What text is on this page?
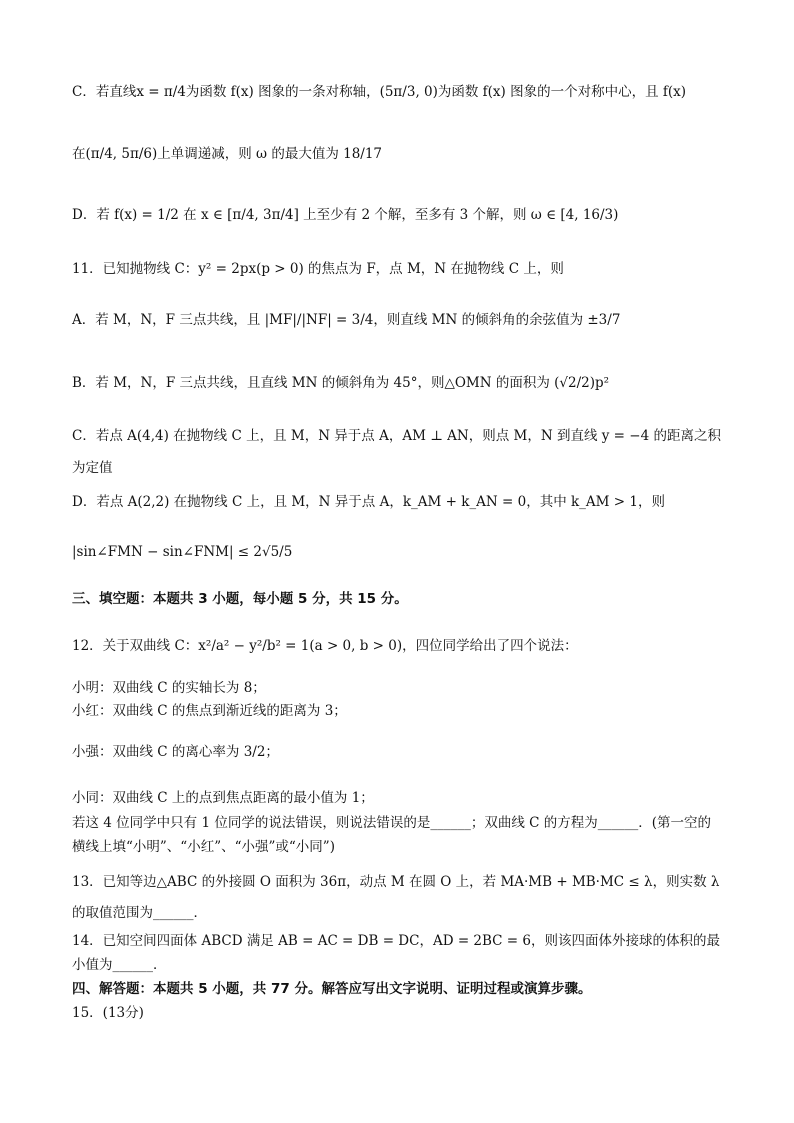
C．若直线x = π/4为函数 f(x) 图象的一条对称轴，(5π/3, 0)为函数 f(x) 图象的一个对称中心，且 f(x)
在(π/4, 5π/6)上单调递减，则 ω 的最大值为 18/17
D．若 f(x) = 1/2 在 x ∈ [π/4, 3π/4] 上至少有 2 个解，至多有 3 个解，则 ω ∈ [4, 16/3)
11．已知抛物线 C：y² = 2px(p > 0) 的焦点为 F，点 M，N 在抛物线 C 上，则
A．若 M，N，F 三点共线，且 |MF|/|NF| = 3/4，则直线 MN 的倾斜角的余弦值为 ±3/7
B．若 M，N，F 三点共线，且直线 MN 的倾斜角为 45°，则△OMN 的面积为 (√2/2)p²
C．若点 A(4,4) 在抛物线 C 上，且 M，N 异于点 A，AM ⊥ AN，则点 M，N 到直线 y = −4 的距离之积
为定值
D．若点 A(2,2) 在抛物线 C 上，且 M，N 异于点 A，k_AM + k_AN = 0，其中 k_AM > 1，则
|sin∠FMN − sin∠FNM| ≤ 2√5/5
三、填空题：本题共 3 小题，每小题 5 分，共 15 分。
12．关于双曲线 C：x²/a² − y²/b² = 1(a > 0, b > 0)，四位同学给出了四个说法：
小明：双曲线 C 的实轴长为 8；
小红：双曲线 C 的焦点到渐近线的距离为 3；
小强：双曲线 C 的离心率为 3/2；
小同：双曲线 C 上的点到焦点距离的最小值为 1；
若这 4 位同学中只有 1 位同学的说法错误，则说法错误的是______；双曲线 C 的方程为______．(第一空的
横线上填“小明”、“小红”、“小强”或“小同”)
13．已知等边△ABC 的外接圆 O 面积为 36π，动点 M 在圆 O 上，若 MA·MB + MB·MC ≤ λ，则实数 λ
的取值范围为______．
14．已知空间四面体 ABCD 满足 AB = AC = DB = DC，AD = 2BC = 6，则该四面体外接球的体积的最
小值为______．
四、解答题：本题共 5 小题，共 77 分。解答应写出文字说明、证明过程或演算步骤。
15．(13分)
